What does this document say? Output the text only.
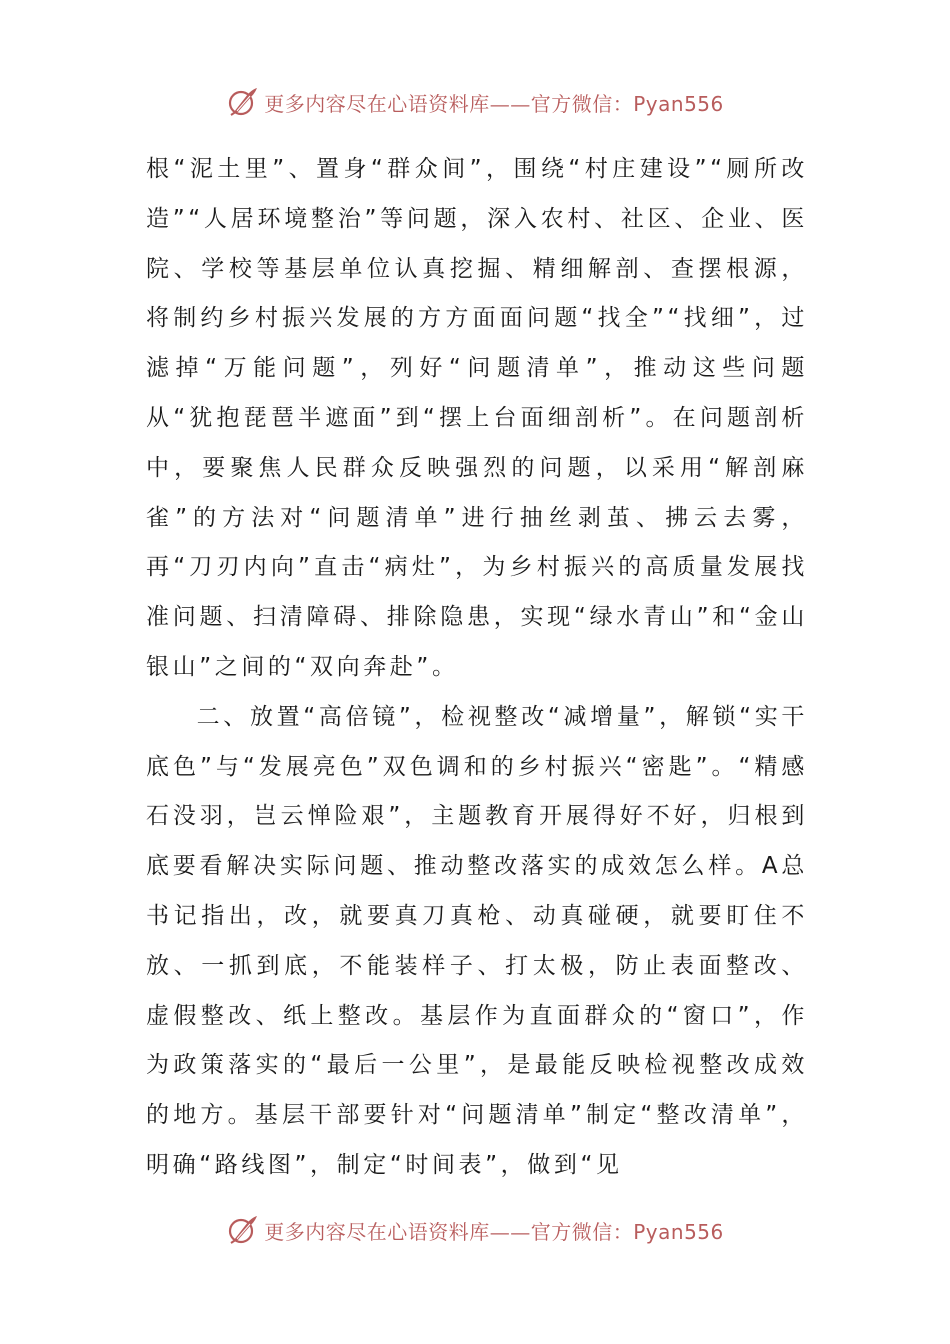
更多内容尽在心语资料库——官方微信：Pyan556

根“泥土里”、置身“群众间”，围绕“村庄建设”“厕所改造”“人居环境整治”等问题，深入农村、社区、企业、医院、学校等基层单位认真挖掘、精细解剖、查摆根源，将制约乡村振兴发展的方方面面问题“找全”“找细”，过滤掉“万能问题”，列好“问题清单”，推动这些问题从“犹抱琵琶半遮面”到“摆上台面细剖析”。在问题剖析中，要聚焦人民群众反映强烈的问题，以采用“解剖麻雀”的方法对“问题清单”进行抽丝剥茧、拂云去雾，再“刀刃内向”直击“病灶”，为乡村振兴的高质量发展找准问题、扫清障碍、排除隐患，实现“绿水青山”和“金山银山”之间的“双向奔赴”。

二、放置“高倍镜”，检视整改“减增量”，解锁“实干底色”与“发展亮色”双色调和的乡村振兴“密匙”。“精感石没羽，岂云惮险艰”，主题教育开展得好不好，归根到底要看解决实际问题、推动整改落实的成效怎么样。A总书记指出，改，就要真刀真枪、动真碰硬，就要盯住不放、一抓到底，不能装样子、打太极，防止表面整改、虚假整改、纸上整改。基层作为直面群众的“窗口”，作为政策落实的“最后一公里”，是最能反映检视整改成效的地方。基层干部要针对“问题清单”制定“整改清单”，明确“路线图”，制定“时间表”，做到“见

更多内容尽在心语资料库——官方微信：Pyan556
